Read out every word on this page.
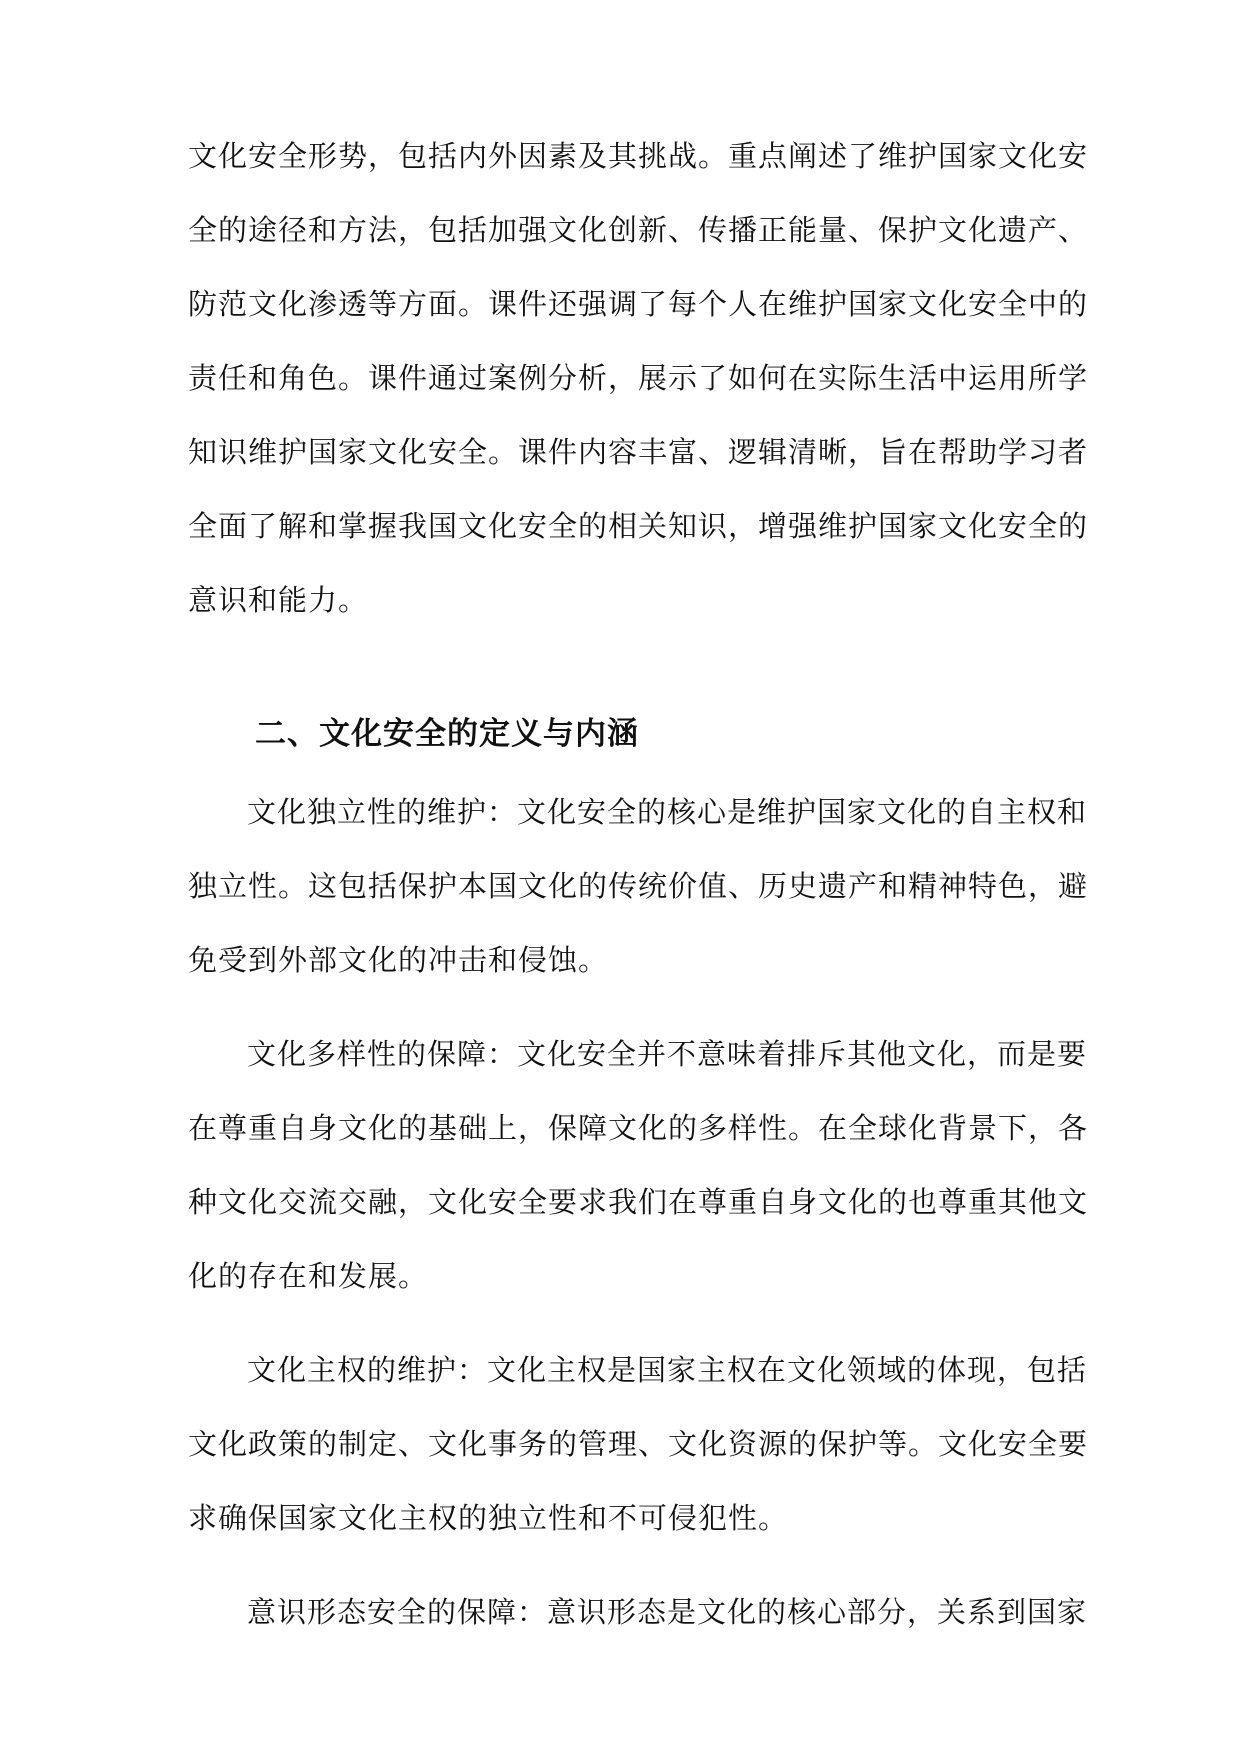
文化安全形势，包括内外因素及其挑战。重点阐述了维护国家文化安
全的途径和方法，包括加强文化创新、传播正能量、保护文化遗产、
防范文化渗透等方面。课件还强调了每个人在维护国家文化安全中的
责任和角色。课件通过案例分析，展示了如何在实际生活中运用所学
知识维护国家文化安全。课件内容丰富、逻辑清晰，旨在帮助学习者
全面了解和掌握我国文化安全的相关知识，增强维护国家文化安全的
意识和能力。
二、文化安全的定义与内涵
文化独立性的维护：文化安全的核心是维护国家文化的自主权和
独立性。这包括保护本国文化的传统价值、历史遗产和精神特色，避
免受到外部文化的冲击和侵蚀。
文化多样性的保障：文化安全并不意味着排斥其他文化，而是要
在尊重自身文化的基础上，保障文化的多样性。在全球化背景下，各
种文化交流交融，文化安全要求我们在尊重自身文化的也尊重其他文
化的存在和发展。
文化主权的维护：文化主权是国家主权在文化领域的体现，包括
文化政策的制定、文化事务的管理、文化资源的保护等。文化安全要
求确保国家文化主权的独立性和不可侵犯性。
意识形态安全的保障：意识形态是文化的核心部分，关系到国家
